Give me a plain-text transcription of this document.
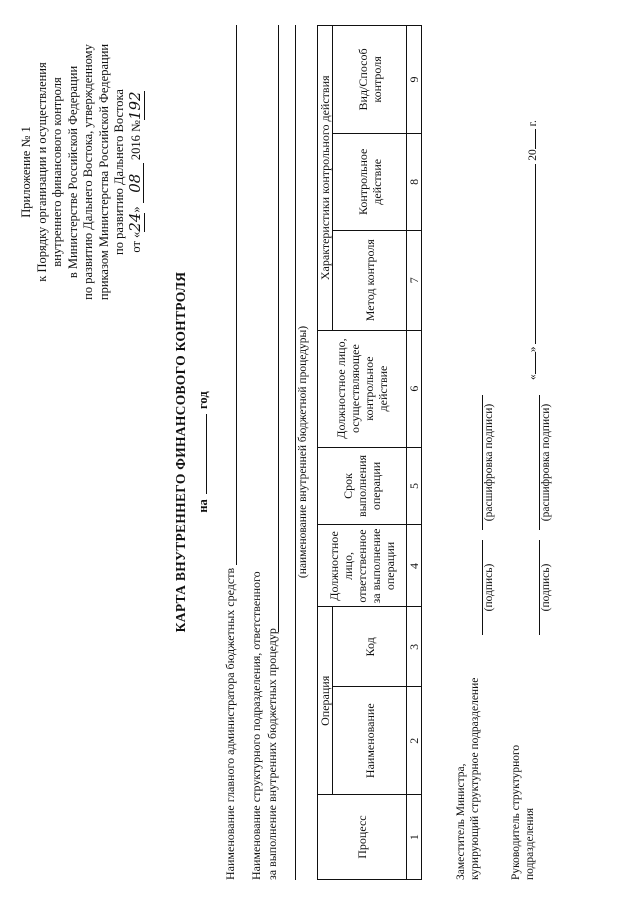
Приложение № 1 к Порядку организации и осуществления внутреннего финансового контроля в Министерстве Российской Федерации по развитию Дальнего Востока, утвержденному приказом Министерства Российской Федерации по развитию Дальнего Востока от «24» 08 2016 №192
КАРТА ВНУТРЕННЕГО ФИНАНСОВОГО КОНТРОЛЯ на  год
Наименование главного администратора бюджетных средств Наименование структурного подразделения, ответственного за выполнение внутренних бюджетных процедур
(наименование внутренней бюджетной процедуры)
Процесс	Операция		Должностное лицо, ответственное за выполнение операции	Срок выполнения операции	Должностное лицо, осуществляющее контрольное действие	Характеристики контрольного действия		
	Наименование	Код				Метод контроля	Контрольное действие	Вид/Способ контроля
1	2	3	4	5	6	7	8	9
Заместитель Министра, курирующий структурное подразделение
(подпись)
(расшифровка подписи)
Руководитель структурного подразделения
(подпись)
(расшифровка подписи)
«»  20 г.
